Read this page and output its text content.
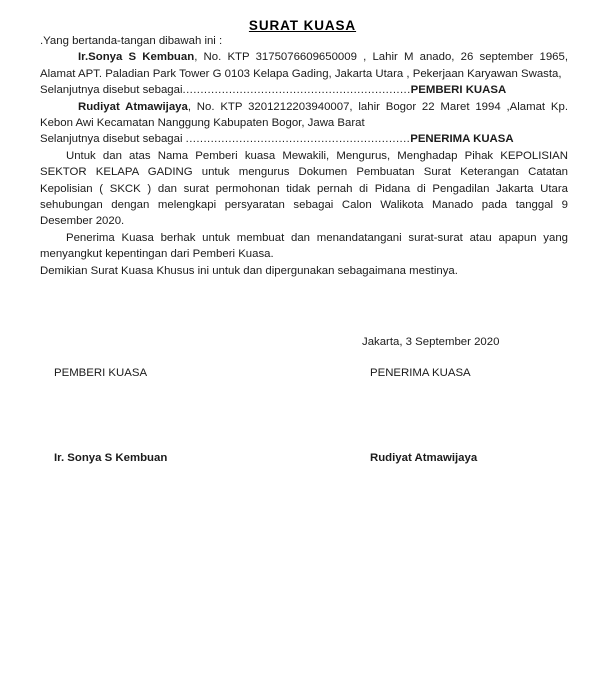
SURAT KUASA

.Yang bertanda-tangan dibawah ini :

Ir.Sonya S Kembuan, No. KTP 3175076609650009 , Lahir M anado, 26 september 1965, Alamat APT. Paladian Park Tower G 0103 Kelapa Gading, Jakarta Utara , Pekerjaan Karyawan Swasta,

Selanjutnya disebut sebagai................................................................PEMBERI KUASA

Rudiyat Atmawijaya, No. KTP 3201212203940007, lahir Bogor 22 Maret 1994 ,Alamat Kp. Kebon Awi Kecamatan Nanggung Kabupaten Bogor, Jawa Barat

Selanjutnya disebut sebagai ...............................................................PENERIMA KUASA

Untuk dan atas Nama Pemberi kuasa Mewakili, Mengurus, Menghadap Pihak KEPOLISIAN SEKTOR KELAPA GADING untuk mengurus Dokumen Pembuatan Surat Keterangan Catatan Kepolisian ( SKCK ) dan surat permohonan tidak pernah di Pidana di Pengadilan Jakarta Utara sehubungan dengan melengkapi persyaratan sebagai Calon Walikota Manado pada tanggal 9 Desember 2020.

Penerima Kuasa berhak untuk membuat dan menandatangani surat-surat atau apapun yang menyangkut kepentingan dari Pemberi Kuasa.

Demikian Surat Kuasa Khusus ini untuk dan dipergunakan sebagaimana mestinya.

Jakarta, 3 September 2020

PEMBERI KUASA	PENERIMA KUASA
Ir. Sonya S Kembuan	Rudiyat Atmawijaya
